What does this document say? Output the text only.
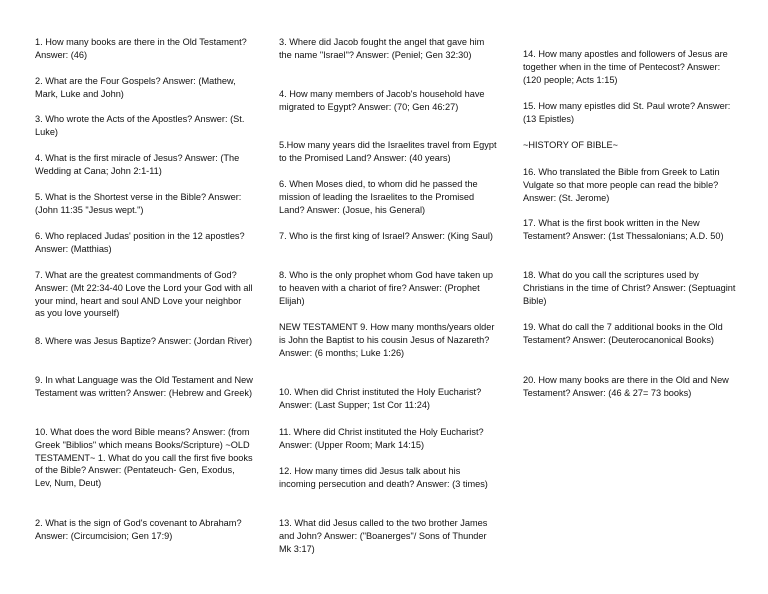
1. How many books are there in the Old Testament? Answer: (46)

2. What are the Four Gospels? Answer: (Mathew, Mark, Luke and John)

3. Who wrote the Acts of the Apostles? Answer: (St. Luke)

4. What is the first miracle of Jesus? Answer: (The Wedding at Cana; John 2:1-11)

5. What is the Shortest verse in the Bible? Answer: (John 11:35 "Jesus wept.")

6. Who replaced Judas' position in the 12 apostles? Answer: (Matthias)

7. What are the greatest commandments of God? Answer: (Mt 22:34-40 Love the Lord your God with all your mind, heart and soul AND Love your neighbor as you love yourself)

8. Where was Jesus Baptize? Answer: (Jordan River)

9. In what Language was the Old Testament and New Testament was written? Answer: (Hebrew and Greek)

10. What does the word Bible means? Answer: (from Greek "Biblios" which means Books/Scripture) ~OLD TESTAMENT~ 1. What do you call the first five books of the Bible? Answer: (Pentateuch- Gen, Exodus, Lev, Num, Deut)

2. What is the sign of God's covenant to Abraham? Answer: (Circumcision; Gen 17:9)

3. Where did Jacob fought the angel that gave him the name "Israel"? Answer: (Peniel; Gen 32:30)

4. How many members of Jacob's household have migrated to Egypt? Answer: (70; Gen 46:27)

5.How many years did the Israelites travel from Egypt to the Promised Land? Answer: (40 years)

6. When Moses died, to whom did he passed the mission of leading the Israelites to the Promised Land? Answer: (Josue, his General)

7. Who is the first king of Israel? Answer: (King Saul)

8. Who is the only prophet whom God have taken up to heaven with a chariot of fire? Answer: (Prophet Elijah)

NEW TESTAMENT 9. How many months/years older is John the Baptist to his cousin Jesus of Nazareth? Answer: (6 months; Luke 1:26)

10. When did Christ instituted the Holy Eucharist? Answer: (Last Supper; 1st Cor 11:24)

11. Where did Christ instituted the Holy Eucharist? Answer: (Upper Room; Mark 14:15)

12. How many times did Jesus talk about his incoming persecution and death? Answer: (3 times)

13. What did Jesus called to the two brother James and John? Answer: ("Boanerges"/ Sons of Thunder Mk 3:17)

14. How many apostles and followers of Jesus are together when in the time of Pentecost? Answer: (120 people; Acts 1:15)

15. How many epistles did St. Paul wrote? Answer: (13 Epistles)

~HISTORY OF BIBLE~

16. Who translated the Bible from Greek to Latin Vulgate so that more people can read the bible? Answer: (St. Jerome)

17. What is the first book written in the New Testament? Answer: (1st Thessalonians; A.D. 50)

18. What do you call the scriptures used by Christians in the time of Christ? Answer: (Septuagint Bible)

19. What do call the 7 additional books in the Old Testament? Answer: (Deuterocanonical Books)

20. How many books are there in the Old and New Testament? Answer: (46 & 27= 73 books)
